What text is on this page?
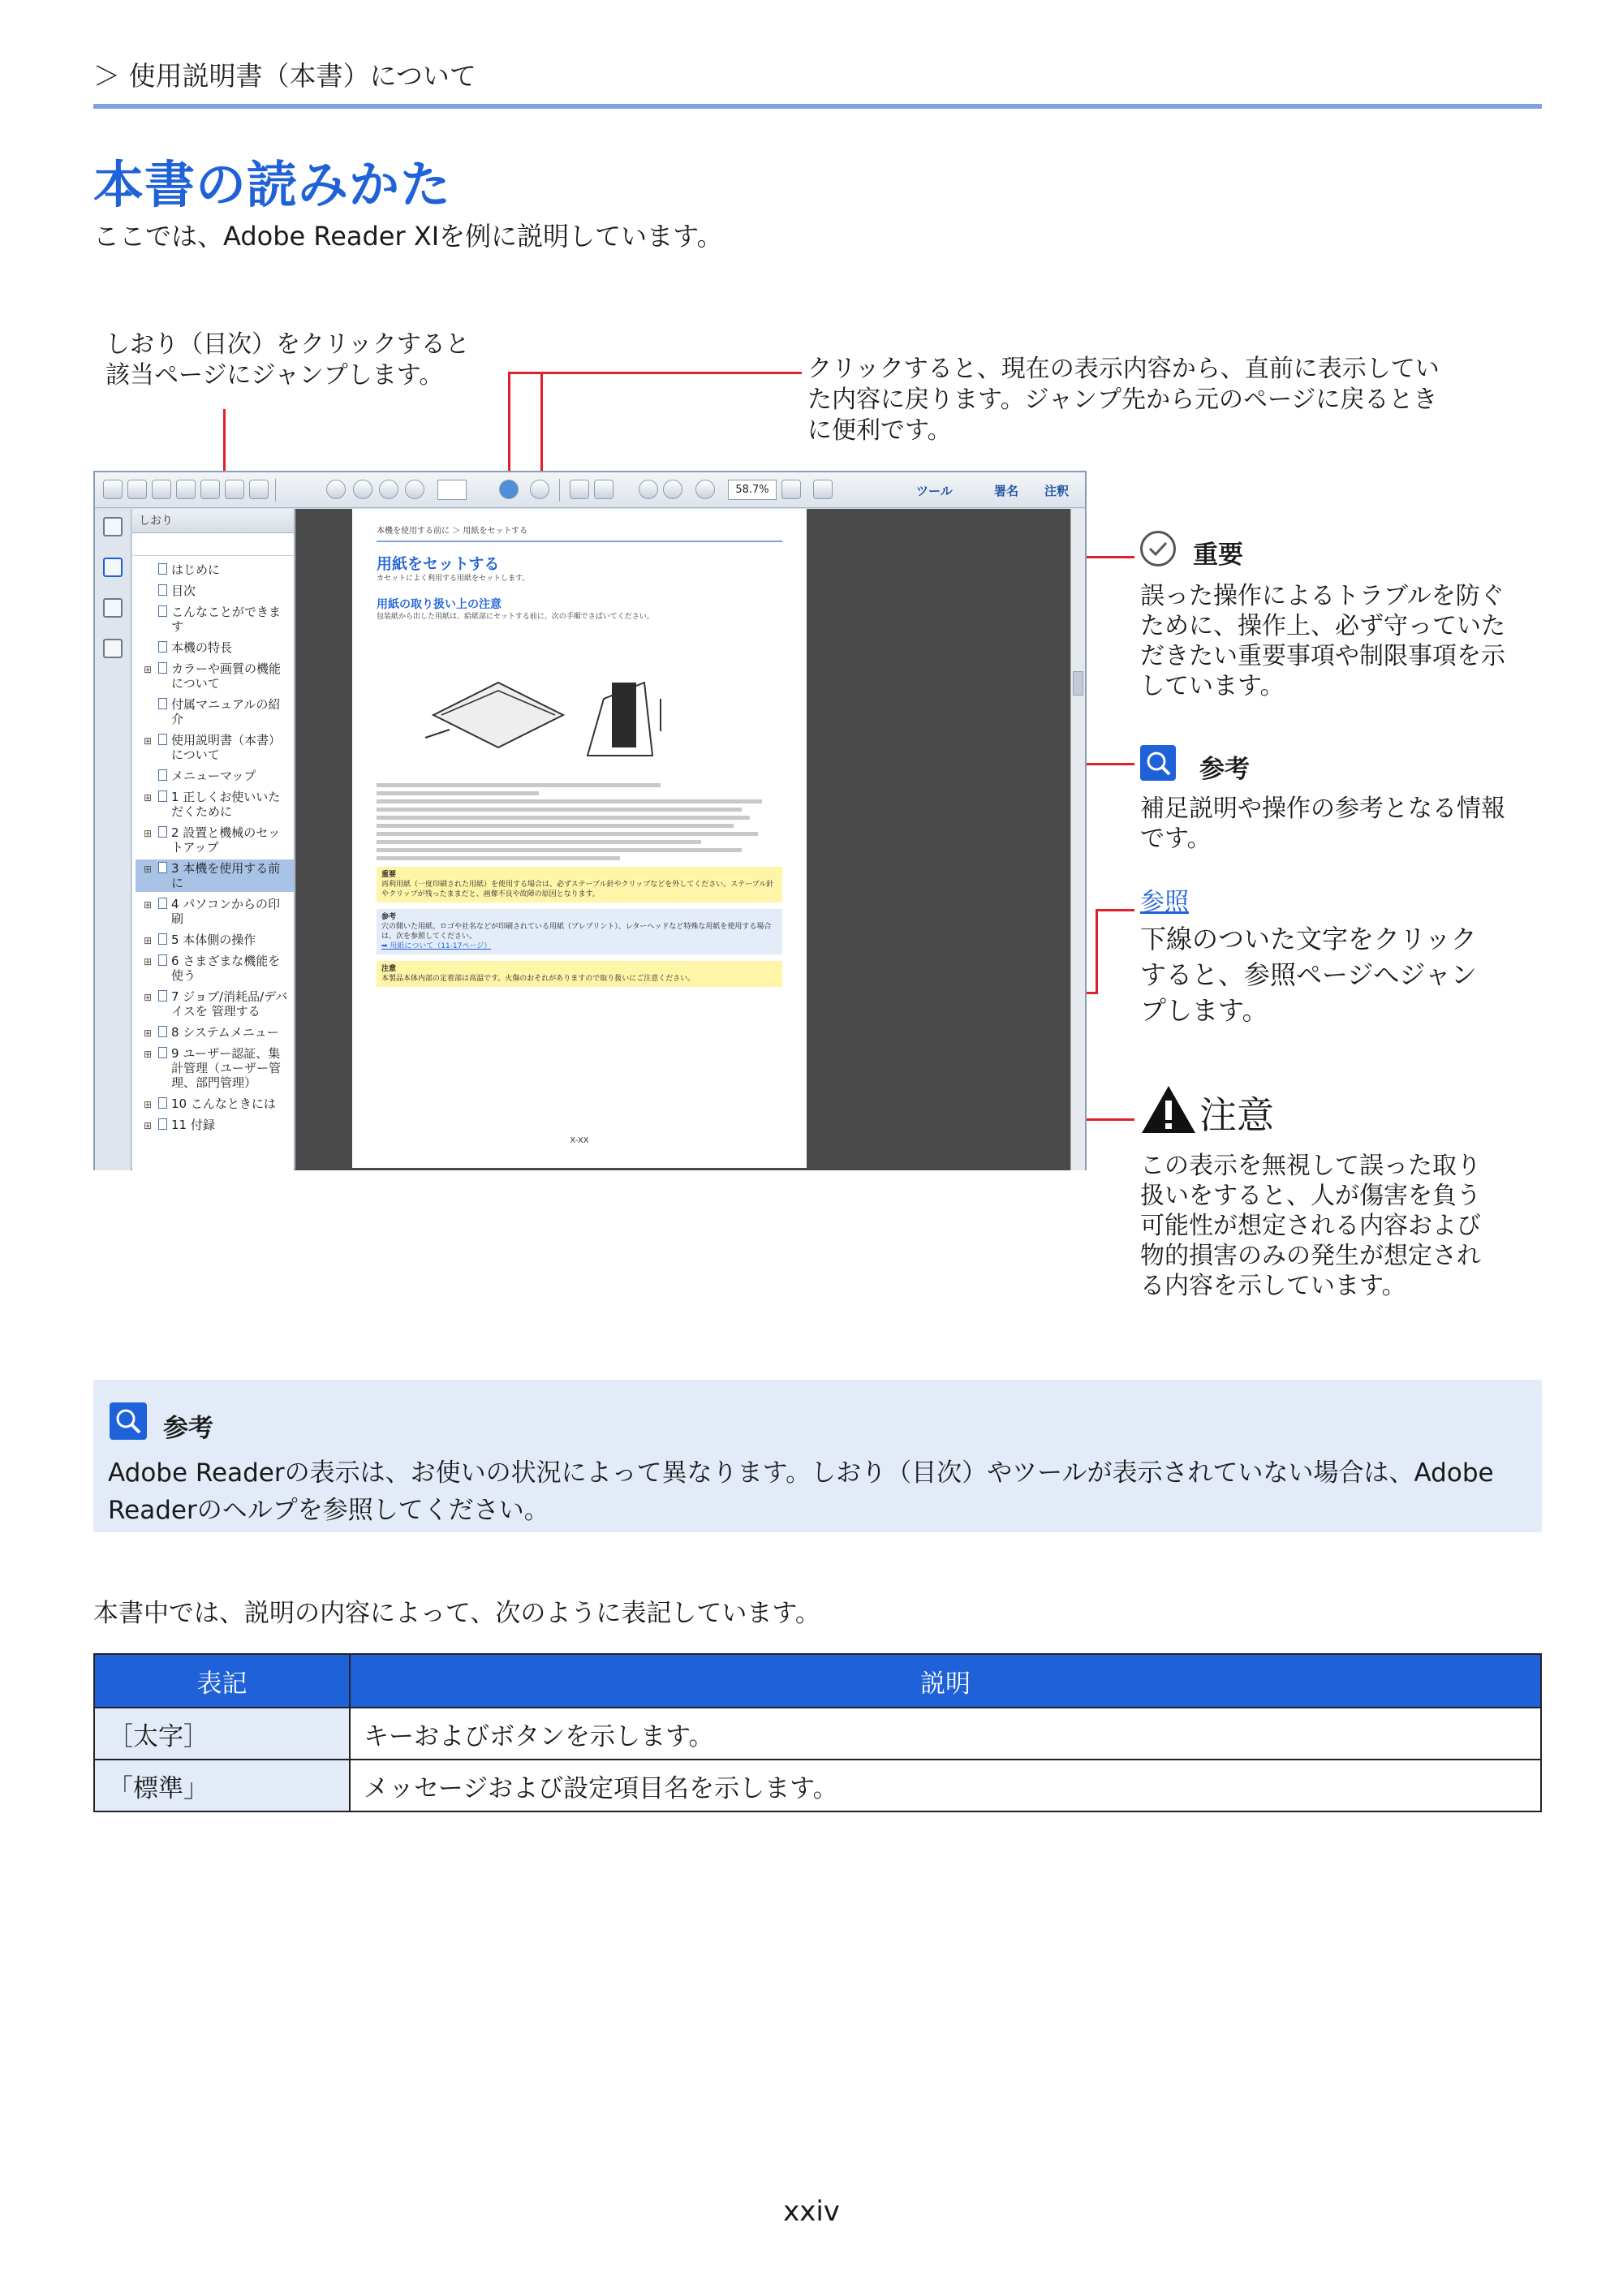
＞ 使用説明書（本書）について
本書の読みかた
ここでは、Adobe Reader XIを例に説明しています。
しおり（目次）をクリックすると該当ページにジャンプします。	クリックすると、現在の表示内容から、直前に表示していた内容に戻ります。ジャンプ先から元のページに戻るときに便利です。
58.7%	ツール	署名 注釈
しおり
はじめに
目次
こんなことができます
本機の特長
⊞ カラーや画質の機能について
付属マニュアルの紹介
⊞ 使用説明書（本書）について
メニューマップ
⊞ 1 正しくお使いいただくために
⊞ 2 設置と機械のセットアップ
⊞ 3 本機を使用する前に
⊞ 4 パソコンからの印刷
⊞ 5 本体側の操作
⊞ 6 さまざまな機能を使う
⊞ 7 ジョブ/消耗品/デバイスを 管理する
⊞ 8 システムメニュー
⊞ 9 ユーザー認証、集計管理（ユーザー管理、部門管理）
⊞ 10 こんなときには
⊞ 11 付録
本機を使用する前に ＞ 用紙をセットする
用紙をセットする
カセットによく利用する用紙をセットします。
用紙の取り扱い上の注意
包装紙から出した用紙は、給紙部にセットする前に、次の手順でさばいてください。
重要
再利用紙（一度印刷された用紙）を使用する場合は、必ずステープル針やクリップなどを外してください。ステープル針やクリップが残ったままだと、画像不良や故障の原因となります。
参考
穴の開いた用紙、ロゴや社名などが印刷されている用紙（プレプリント）、レターヘッドなど特殊な用紙を使用する場合は、次を参照してください。
➡ 用紙について（11-17ページ）
注意
本製品本体内部の定着部は高温です。火傷のおそれがありますので取り扱いにご注意ください。
X-XX
重要
誤った操作によるトラブルを防ぐために、操作上、必ず守っていただきたい重要事項や制限事項を示しています。
参考
補足説明や操作の参考となる情報です。
参照
下線のついた文字をクリックすると、参照ページへジャンプします。
注意
この表示を無視して誤った取り扱いをすると、人が傷害を負う可能性が想定される内容および物的損害のみの発生が想定される内容を示しています。
参考
Adobe Readerの表示は、お使いの状況によって異なります。しおり（目次）やツールが表示されていない場合は、Adobe Readerのヘルプを参照してください。
本書中では、説明の内容によって、次のように表記しています。
表記	説明
［太字］	キーおよびボタンを示します。
「標準」	メッセージおよび設定項目名を示します。
xxiv
